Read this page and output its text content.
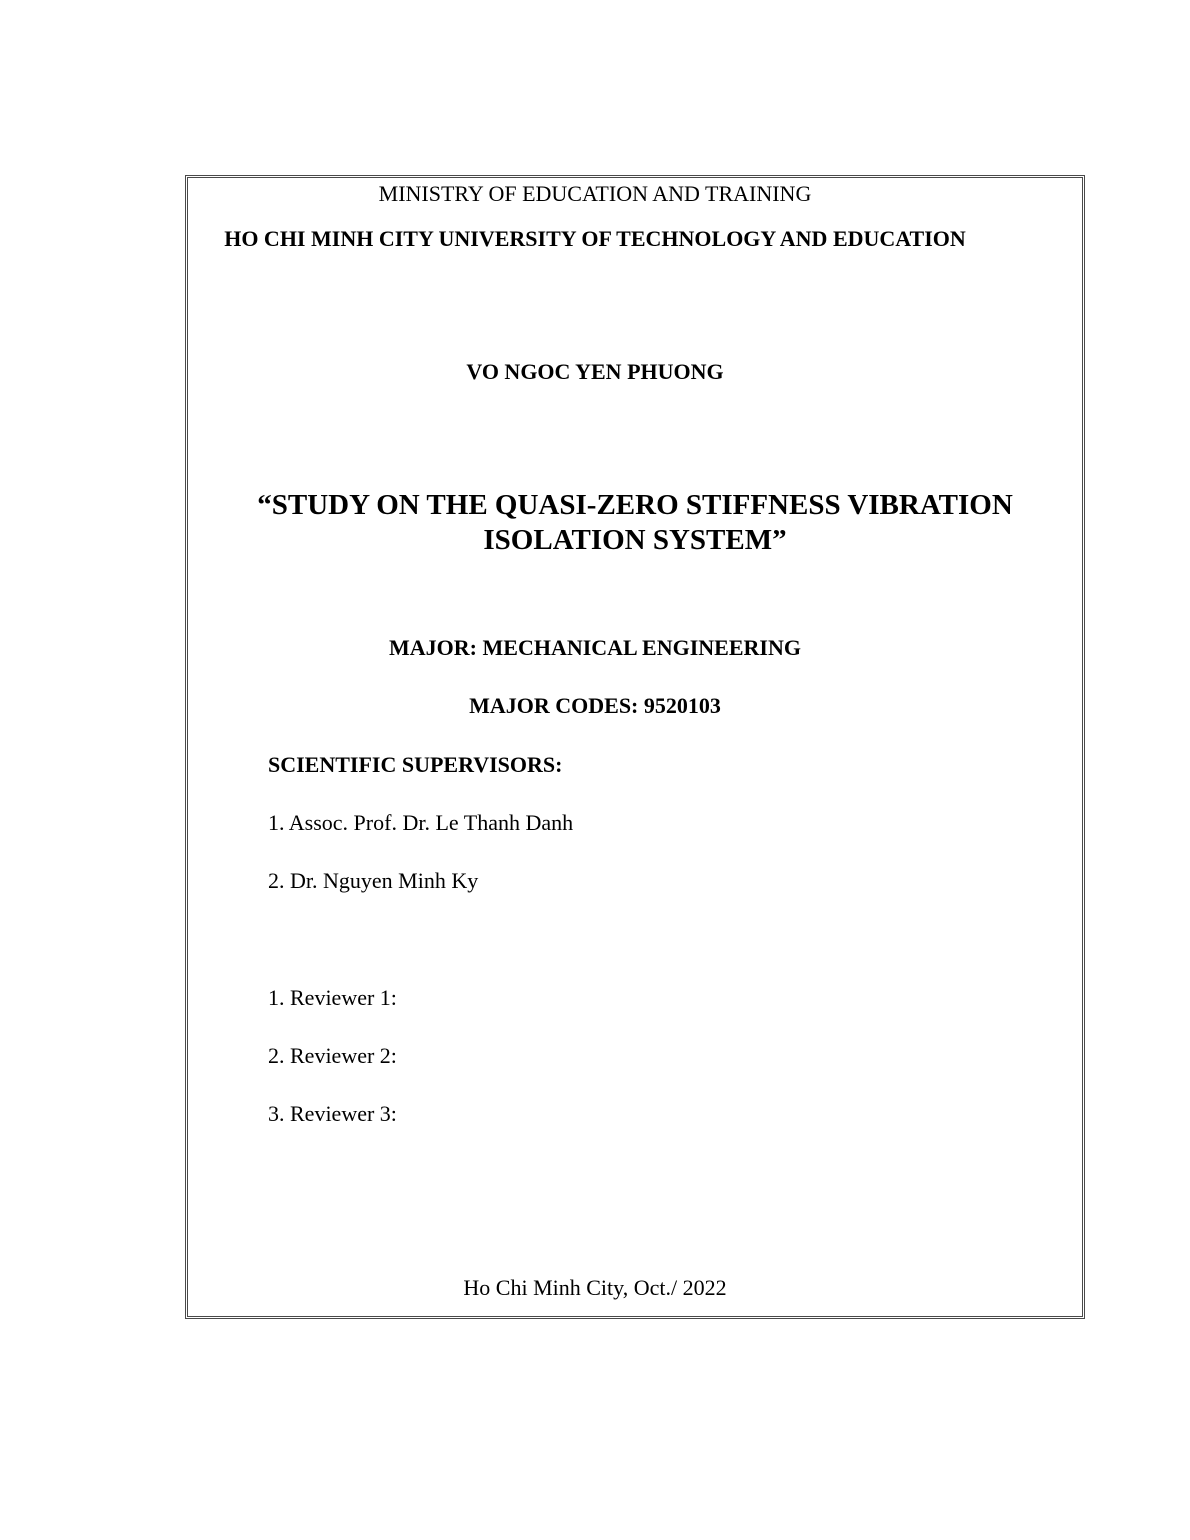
MINISTRY OF EDUCATION AND TRAINING
HO CHI MINH CITY UNIVERSITY OF TECHNOLOGY AND EDUCATION
VO NGOC YEN PHUONG
“STUDY ON THE QUASI-ZERO STIFFNESS VIBRATION
ISOLATION SYSTEM”
MAJOR: MECHANICAL ENGINEERING
MAJOR CODES: 9520103
SCIENTIFIC SUPERVISORS:
1. Assoc. Prof. Dr. Le Thanh Danh
2. Dr. Nguyen Minh Ky
1. Reviewer 1:
2. Reviewer 2:
3. Reviewer 3:
Ho Chi Minh City, Oct./ 2022
